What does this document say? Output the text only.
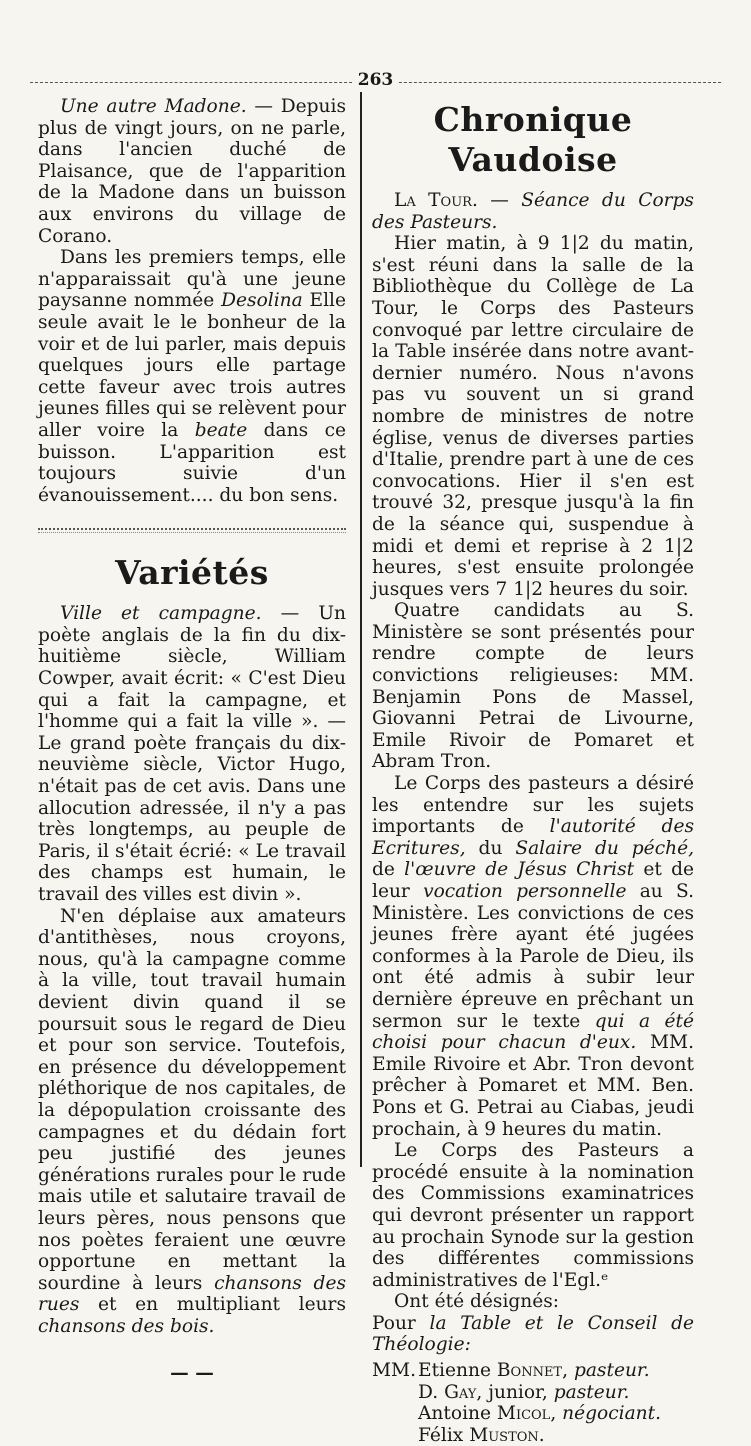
263

Une autre Madone. — Depuis plus de vingt jours, on ne parle, dans l'ancien duché de Plaisance, que de l'apparition de la Madone dans un buisson aux environs du village de Corano.

Dans les premiers temps, elle n'apparaissait qu'à une jeune paysanne nommée Desolina Elle seule avait le le bonheur de la voir et de lui parler, mais depuis quelques jours elle partage cette faveur avec trois autres jeunes filles qui se relèvent pour aller voire la beate dans ce buisson. L'apparition est toujours suivie d'un évanouissement.... du bon sens.

Variétés

Ville et campagne. — Un poète anglais de la fin du dix-huitième siècle, William Cowper, avait écrit: « C'est Dieu qui a fait la campagne, et l'homme qui a fait la ville ». — Le grand poète français du dix-neuvième siècle, Victor Hugo, n'était pas de cet avis. Dans une allocution adressée, il n'y a pas très longtemps, au peuple de Paris, il s'était écrié: « Le travail des champs est humain, le travail des villes est divin ».

N'en déplaise aux amateurs d'antithèses, nous croyons, nous, qu'à la campagne comme à la ville, tout travail humain devient divin quand il se poursuit sous le regard de Dieu et pour son service. Toutefois, en présence du développement pléthorique de nos capitales, de la dépopulation croissante des campagnes et du dédain fort peu justifié des jeunes générations rurales pour le rude mais utile et salutaire travail de leurs pères, nous pensons que nos poètes feraient une œuvre opportune en mettant la sourdine à leurs chansons des rues et en multipliant leurs chansons des bois.

— —
Chronique Vaudoise

La Tour. — Séance du Corps des Pasteurs.

Hier matin, à 9 1|2 du matin, s'est réuni dans la salle de la Bibliothèque du Collège de La Tour, le Corps des Pasteurs convoqué par lettre circulaire de la Table insérée dans notre avant-dernier numéro. Nous n'avons pas vu souvent un si grand nombre de ministres de notre église, venus de diverses parties d'Italie, prendre part à une de ces convocations. Hier il s'en est trouvé 32, presque jusqu'à la fin de la séance qui, suspendue à midi et demi et reprise à 2 1|2 heures, s'est ensuite prolongée jusques vers 7 1|2 heures du soir.

Quatre candidats au S. Ministère se sont présentés pour rendre compte de leurs convictions religieuses: MM. Benjamin Pons de Massel, Giovanni Petrai de Livourne, Emile Rivoir de Pomaret et Abram Tron.

Le Corps des pasteurs a désiré les entendre sur les sujets importants de l'autorité des Ecritures, du Salaire du péché, de l'œuvre de Jésus Christ et de leur vocation personnelle au S. Ministère. Les convictions de ces jeunes frère ayant été jugées conformes à la Parole de Dieu, ils ont été admis à subir leur dernière épreuve en prêchant un sermon sur le texte qui a été choisi pour chacun d'eux. MM. Emile Rivoire et Abr. Tron devont prêcher à Pomaret et MM. Ben. Pons et G. Petrai au Ciabas, jeudi prochain, à 9 heures du matin.

Le Corps des Pasteurs a procédé ensuite à la nomination des Commissions examinatrices qui devront présenter un rapport au prochain Synode sur la gestion des différentes commissions administratives de l'Egl.ᵉ

Ont été désignés:

Pour la Table et le Conseil de Théologie:

MM. Etienne Bonnet, pasteur.
D. Gay, junior, pasteur.
Antoine Micol, négociant.
Félix Muston.
